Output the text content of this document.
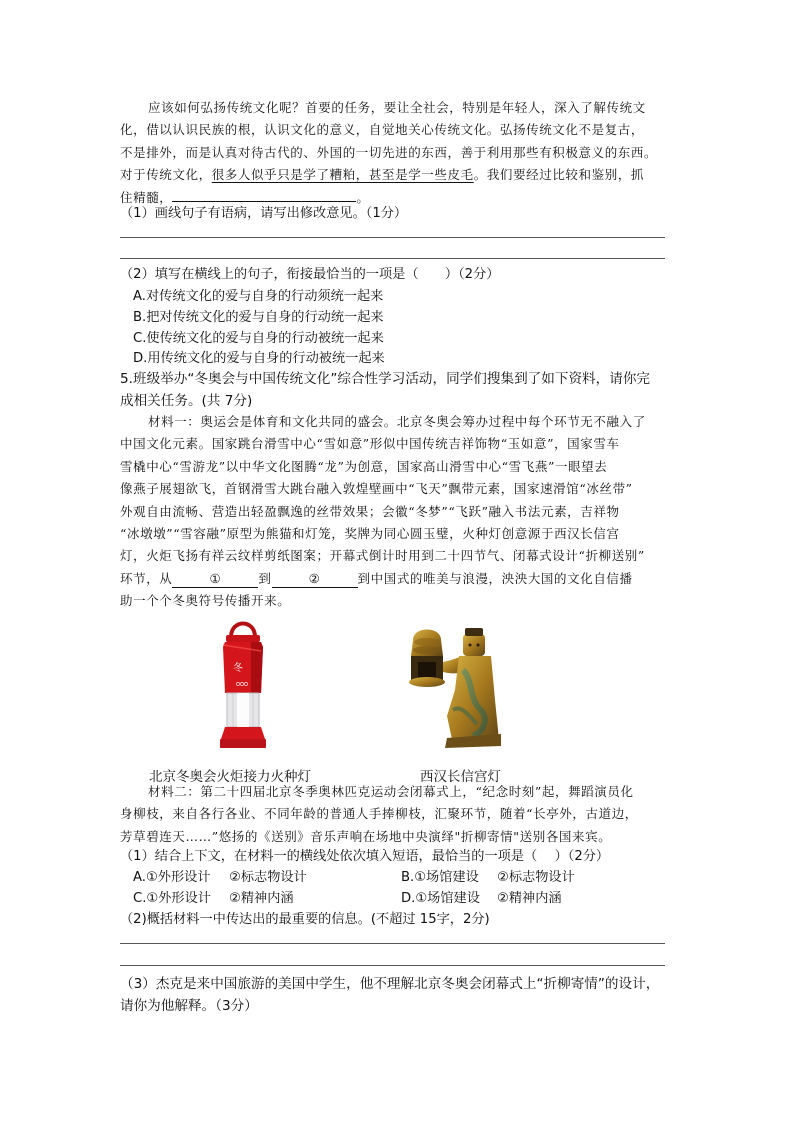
应该如何弘扬传统文化呢？首要的任务，要让全社会，特别是年轻人，深入了解传统文
化，借以认识民族的根，认识文化的意义，自觉地关心传统文化。弘扬传统文化不是复古，
不是排外，而是认真对待古代的、外国的一切先进的东西，善于利用那些有积极意义的东西。
对于传统文化，很多人似乎只是学了糟粕，甚至是学一些皮毛。我们要经过比较和鉴别，抓
住精髓，	。
（1）画线句子有语病，请写出修改意见。（1分）
（2）填写在横线上的句子，衔接最恰当的一项是（　　）（2分）
A.对传统文化的爱与自身的行动须统一起来
B.把对传统文化的爱与自身的行动统一起来
C.使传统文化的爱与自身的行动被统一起来
D.用传统文化的爱与自身的行动被统一起来
5.班级举办“冬奥会与中国传统文化”综合性学习活动，同学们搜集到了如下资料，请你完
成相关任务。(共 7分)
材料一：奥运会是体育和文化共同的盛会。北京冬奥会筹办过程中每个环节无不融入了
中国文化元素。国家跳台滑雪中心“雪如意”形似中国传统吉祥饰物“玉如意”，国家雪车
雪橇中心“雪游龙”以中华文化图腾“龙”为创意，国家高山滑雪中心“雪飞燕”一眼望去
像燕子展翅欲飞，首钢滑雪大跳台融入敦煌壁画中“飞天”飘带元素，国家速滑馆“冰丝带”
外观自由流畅、营造出轻盈飘逸的丝带效果；会徽“冬梦”“飞跃”融入书法元素，吉祥物
“冰墩墩”“雪容融”原型为熊猫和灯笼，奖牌为同心圆玉璧，火种灯创意源于西汉长信宫
灯，火炬飞扬有祥云纹样剪纸图案；开幕式倒计时用到二十四节气、闭幕式设计“折柳送别”
环节，从	①	到	②	到中国式的唯美与浪漫，泱泱大国的文化自信播
助一个个冬奥符号传播开来。
冬
北京冬奥会火炬接力火种灯	西汉长信宫灯
材料二：第二十四届北京冬季奥林匹克运动会闭幕式上，“纪念时刻”起，舞蹈演员化
身柳枝，来自各行各业、不同年龄的普通人手捧柳枝，汇聚环节，随着“长亭外，古道边，
芳草碧连天……”悠扬的《送别》音乐声响在场地中央演绎"折柳寄情"送别各国来宾。
（1）结合上下文，在材料一的横线处依次填入短语，最恰当的一项是（　 ）（2分）
A.①外形设计 ②标志物设计	B.①场馆建设 ②标志物设计
C.①外形设计 ②精神内涵	D.①场馆建设 ②精神内涵
（2)概括材料一中传达出的最重要的信息。(不超过 15字，2分)
（3）杰克是来中国旅游的美国中学生，他不理解北京冬奥会闭幕式上“折柳寄情”的设计，
请你为他解释。（3分）
